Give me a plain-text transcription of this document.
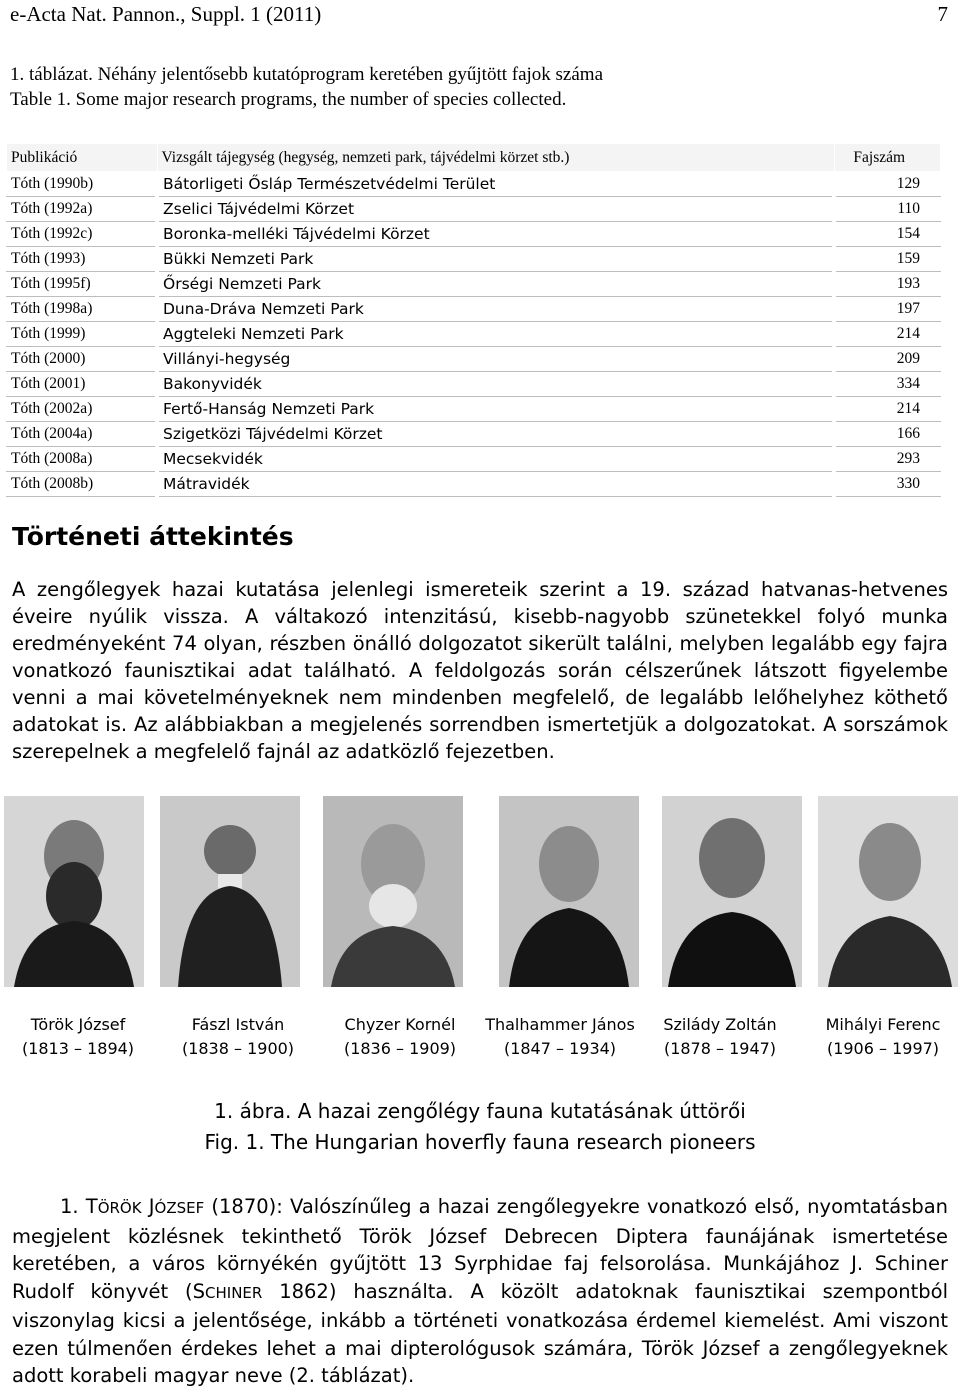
e-Acta Nat. Pannon., Suppl. 1 (2011)	7
1. táblázat. Néhány jelentősebb kutatóprogram keretében gyűjtött fajok száma
Table 1. Some major research programs, the number of species collected.
Publikáció	Vizsgált tájegység (hegység, nemzeti park, tájvédelmi körzet stb.)	Fajszám
Tóth (1990b)	Bátorligeti Ősláp Természetvédelmi Terület	129
Tóth (1992a)	Zselici Tájvédelmi Körzet	110
Tóth (1992c)	Boronka-melléki Tájvédelmi Körzet	154
Tóth (1993)	Bükki Nemzeti Park	159
Tóth (1995f)	Őrségi Nemzeti Park	193
Tóth (1998a)	Duna-Dráva Nemzeti Park	197
Tóth (1999)	Aggteleki Nemzeti Park	214
Tóth (2000)	Villányi-hegység	209
Tóth (2001)	Bakonyvidék	334
Tóth (2002a)	Fertő-Hanság Nemzeti Park	214
Tóth (2004a)	Szigetközi Tájvédelmi Körzet	166
Tóth (2008a)	Mecsekvidék	293
Tóth (2008b)	Mátravidék	330
Történeti áttekintés
A zengőlegyek hazai kutatása jelenlegi ismereteik szerint a 19. század hatvanas-hetvenes éveire nyúlik vissza. A váltakozó intenzitású, kisebb-nagyobb szünetekkel folyó munka eredményeként 74 olyan, részben önálló dolgozatot sikerült találni, melyben legalább egy fajra vonatkozó faunisztikai adat található. A feldolgozás során célszerűnek látszott figyelembe venni a mai követelményeknek nem mindenben megfelelő, de legalább lelőhelyhez köthető adatokat is. Az alábbiakban a megjelenés sorrendben ismertetjük a dolgozatokat. A sorszámok szerepelnek a megfelelő fajnál az adatközlő fejezetben.
Török József
(1813 – 1894)
Fászl István
(1838 – 1900)
Chyzer Kornél
(1836 – 1909)
Thalhammer János
(1847 – 1934)
Szilády Zoltán
(1878 – 1947)
Mihályi Ferenc
(1906 – 1997)
1. ábra. A hazai zengőlégy fauna kutatásának úttörői
Fig. 1. The Hungarian hoverfly fauna research pioneers
1. TÖRÖK JÓZSEF (1870): Valószínűleg a hazai zengőlegyekre vonatkozó első, nyomtatásban megjelent közlésnek tekinthető Török József Debrecen Diptera faunájának ismertetése keretében, a város környékén gyűjtött 13 Syrphidae faj felsorolása. Munkájához J. Schiner Rudolf könyvét (SCHINER 1862) használta. A közölt adatoknak faunisztikai szempontból viszonylag kicsi a jelentősége, inkább a történeti vonatkozása érdemel kiemelést. Ami viszont ezen túlmenően érdekes lehet a mai dipterológusok számára, Török József a zengőlegyeknek adott korabeli magyar neve (2. táblázat).
